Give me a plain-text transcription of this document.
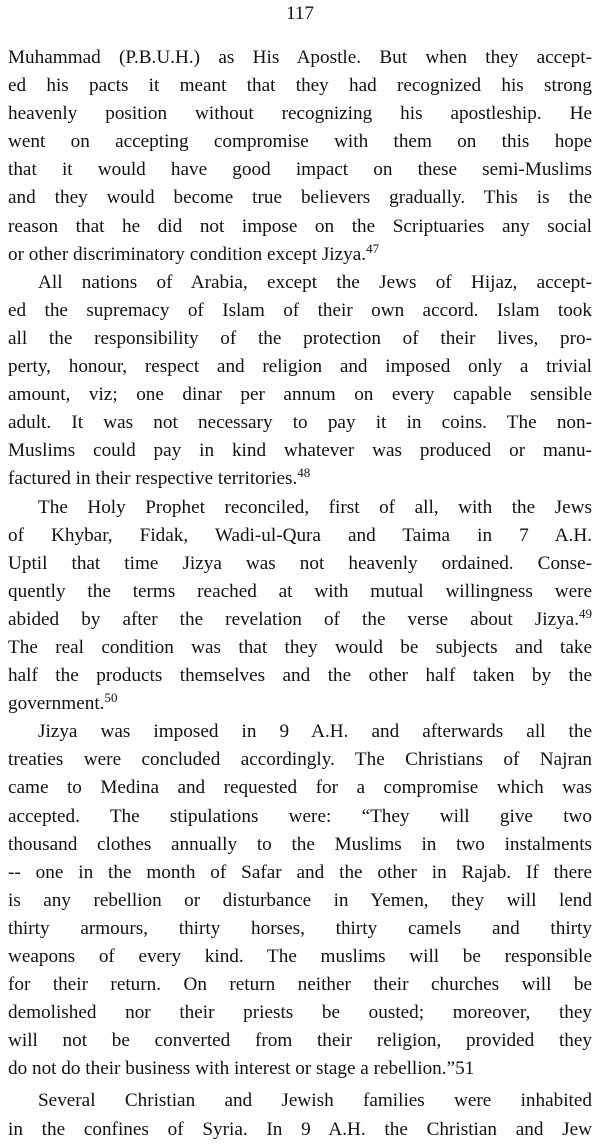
117
Muhammad (P.B.U.H.) as His Apostle. But when they accept-
ed his pacts it meant that they had recognized his strong
heavenly position without recognizing his apostleship. He
went on accepting compromise with them on this hope
that it would have good impact on these semi-Muslims
and they would become true believers gradually. This is the
reason that he did not impose on the Scriptuaries any social
or other discriminatory condition except Jizya.$^{47}$
All nations of Arabia, except the Jews of Hijaz, accept-
ed the supremacy of Islam of their own accord. Islam took
all the responsibility of the protection of their lives, pro-
perty, honour, respect and religion and imposed only a trivial
amount, viz; one dinar per annum on every capable sensible
adult. It was not necessary to pay it in coins. The non-
Muslims could pay in kind whatever was produced or manu-
factured in their respective territories.$^{48}$
The Holy Prophet reconciled, first of all, with the Jews
of Khybar, Fidak, Wadi-ul-Qura and Taima in 7 A.H.
Uptil that time Jizya was not heavenly ordained. Conse-
quently the terms reached at with mutual willingness were
abided by after the revelation of the verse about Jizya.$^{49}$
The real condition was that they would be subjects and take
half the products themselves and the other half taken by the
government.$^{50}$
Jizya was imposed in 9 A.H. and afterwards all the
treaties were concluded accordingly. The Christians of Najran
came to Medina and requested for a compromise which was
accepted. The stipulations were: “They will give two
thousand clothes annually to the Muslims in two instalments
-- one in the month of Safar and the other in Rajab. If there
is any rebellion or disturbance in Yemen, they will lend
thirty armours, thirty horses, thirty camels and thirty
weapons of every kind. The muslims will be responsible
for their return. On return neither their churches will be
demolished nor their priests be ousted; moreover, they
will not be converted from their religion, provided they
do not do their business with interest or stage a rebellion.”51
Several Christian and Jewish families were inhabited
in the confines of Syria. In 9 A.H. the Christian and Jew
